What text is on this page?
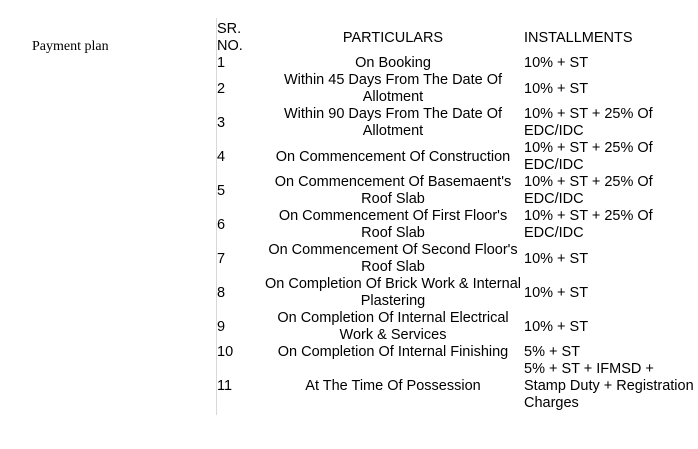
Payment plan
SR. NO.	PARTICULARS	INSTALLMENTS
1	On Booking	10% + ST
2	Within 45 Days From The Date Of Allotment	10% + ST
3	Within 90 Days From The Date Of Allotment	10% + ST + 25% Of EDC/IDC
4	On Commencement Of Construction	10% + ST + 25% Of EDC/IDC
5	On Commencement Of Basemaent's Roof Slab	10% + ST + 25% Of EDC/IDC
6	On Commencement Of First Floor's Roof Slab	10% + ST + 25% Of EDC/IDC
7	On Commencement Of Second Floor's Roof Slab	10% + ST
8	On Completion Of Brick Work & Internal Plastering	10% + ST
9	On Completion Of Internal Electrical Work & Services	10% + ST
10	On Completion Of Internal Finishing	5% + ST
11	At The Time Of Possession	5% + ST + IFMSD + Stamp Duty + Registration Charges
